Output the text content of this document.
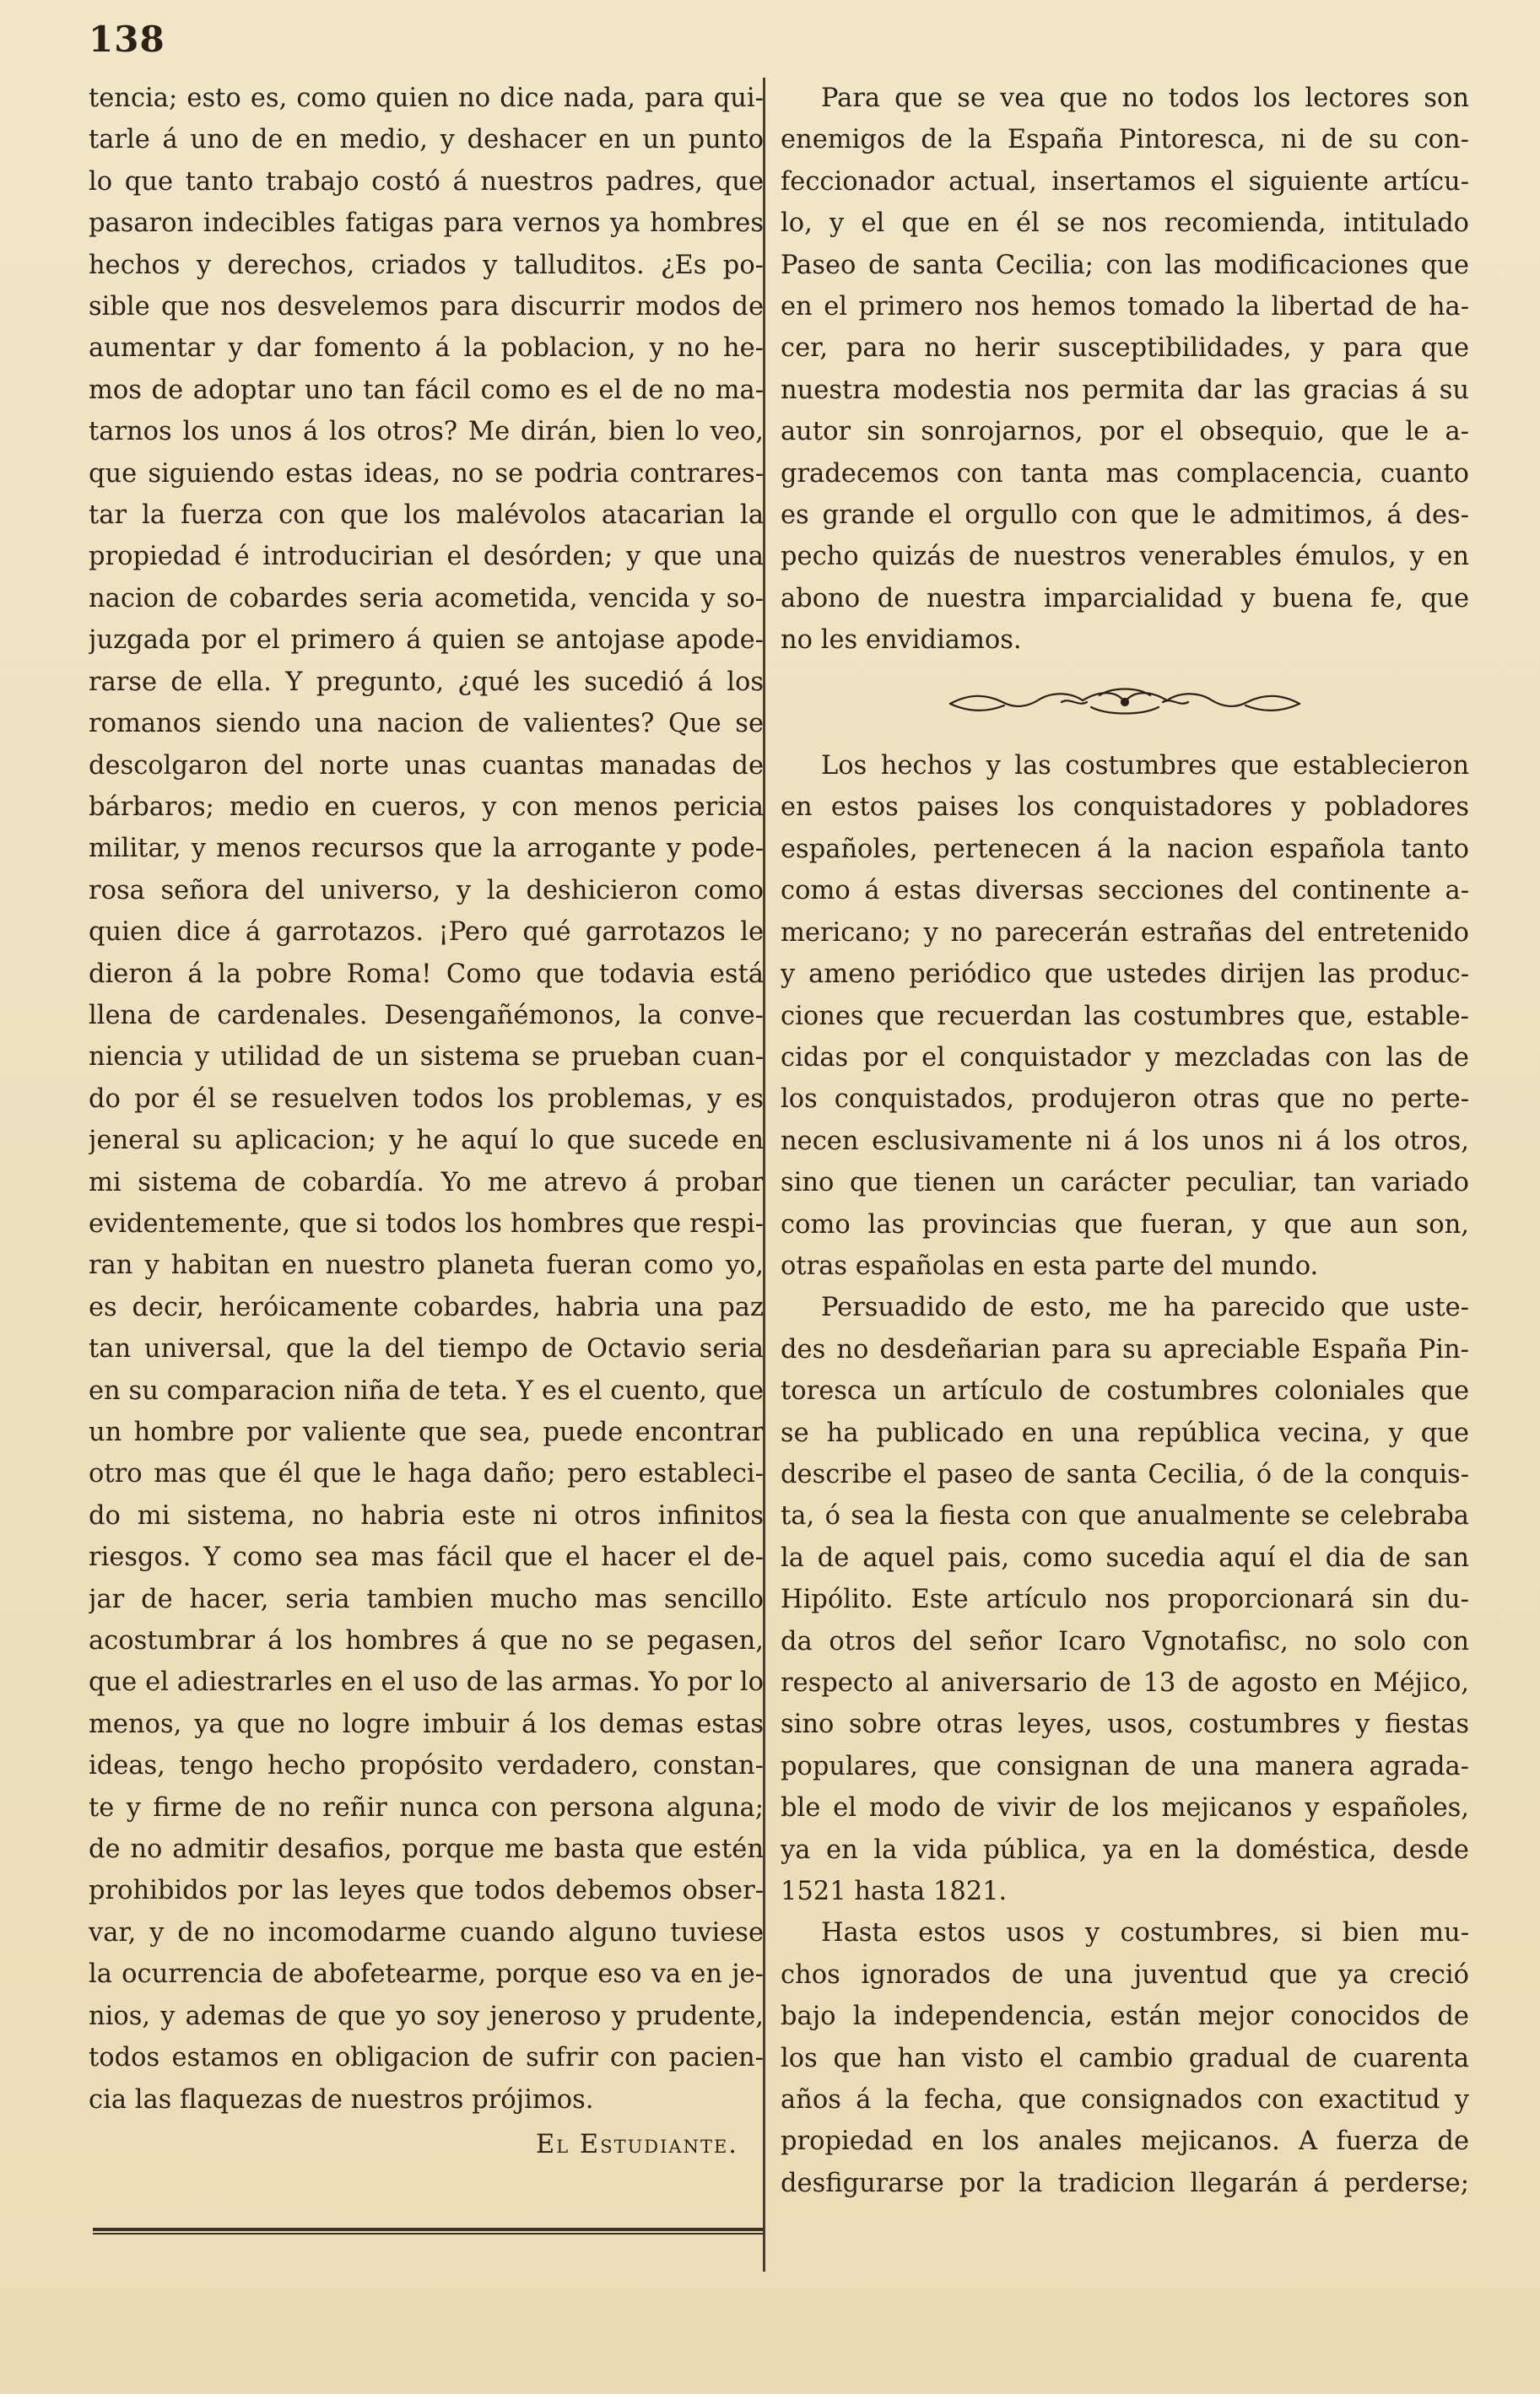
138
tencia; esto es, como quien no dice nada, para qui-
tarle á uno de en medio, y deshacer en un punto
lo que tanto trabajo costó á nuestros padres, que
pasaron indecibles fatigas para vernos ya hombres
hechos y derechos, criados y talluditos. ¿Es po-
sible que nos desvelemos para discurrir modos de
aumentar y dar fomento á la poblacion, y no he-
mos de adoptar uno tan fácil como es el de no ma-
tarnos los unos á los otros? Me dirán, bien lo veo,
que siguiendo estas ideas, no se podria contrares-
tar la fuerza con que los malévolos atacarian la
propiedad é introducirian el desórden; y que una
nacion de cobardes seria acometida, vencida y so-
juzgada por el primero á quien se antojase apode-
rarse de ella. Y pregunto, ¿qué les sucedió á los
romanos siendo una nacion de valientes? Que se
descolgaron del norte unas cuantas manadas de
bárbaros; medio en cueros, y con menos pericia
militar, y menos recursos que la arrogante y pode-
rosa señora del universo, y la deshicieron como
quien dice á garrotazos. ¡Pero qué garrotazos le
dieron á la pobre Roma! Como que todavia está
llena de cardenales. Desengañémonos, la conve-
niencia y utilidad de un sistema se prueban cuan-
do por él se resuelven todos los problemas, y es
jeneral su aplicacion; y he aquí lo que sucede en
mi sistema de cobardía. Yo me atrevo á probar
evidentemente, que si todos los hombres que respi-
ran y habitan en nuestro planeta fueran como yo,
es decir, heróicamente cobardes, habria una paz
tan universal, que la del tiempo de Octavio seria
en su comparacion niña de teta. Y es el cuento, que
un hombre por valiente que sea, puede encontrar
otro mas que él que le haga daño; pero estableci-
do mi sistema, no habria este ni otros infinitos
riesgos. Y como sea mas fácil que el hacer el de-
jar de hacer, seria tambien mucho mas sencillo
acostumbrar á los hombres á que no se pegasen,
que el adiestrarles en el uso de las armas. Yo por lo
menos, ya que no logre imbuir á los demas estas
ideas, tengo hecho propósito verdadero, constan-
te y firme de no reñir nunca con persona alguna;
de no admitir desafios, porque me basta que estén
prohibidos por las leyes que todos debemos obser-
var, y de no incomodarme cuando alguno tuviese
la ocurrencia de abofetearme, porque eso va en je-
nios, y ademas de que yo soy jeneroso y prudente,
todos estamos en obligacion de sufrir con pacien-
cia las flaquezas de nuestros prójimos.
El Estudiante.
Para que se vea que no todos los lectores son
enemigos de la España Pintoresca, ni de su con-
feccionador actual, insertamos el siguiente artícu-
lo, y el que en él se nos recomienda, intitulado
Paseo de santa Cecilia; con las modificaciones que
en el primero nos hemos tomado la libertad de ha-
cer, para no herir susceptibilidades, y para que
nuestra modestia nos permita dar las gracias á su
autor sin sonrojarnos, por el obsequio, que le a-
gradecemos con tanta mas complacencia, cuanto
es grande el orgullo con que le admitimos, á des-
pecho quizás de nuestros venerables émulos, y en
abono de nuestra imparcialidad y buena fe, que
no les envidiamos.
Los hechos y las costumbres que establecieron
en estos paises los conquistadores y pobladores
españoles, pertenecen á la nacion española tanto
como á estas diversas secciones del continente a-
mericano; y no parecerán estrañas del entretenido
y ameno periódico que ustedes dirijen las produc-
ciones que recuerdan las costumbres que, estable-
cidas por el conquistador y mezcladas con las de
los conquistados, produjeron otras que no perte-
necen esclusivamente ni á los unos ni á los otros,
sino que tienen un carácter peculiar, tan variado
como las provincias que fueran, y que aun son,
otras españolas en esta parte del mundo.
Persuadido de esto, me ha parecido que uste-
des no desdeñarian para su apreciable España Pin-
toresca un artículo de costumbres coloniales que
se ha publicado en una república vecina, y que
describe el paseo de santa Cecilia, ó de la conquis-
ta, ó sea la fiesta con que anualmente se celebraba
la de aquel pais, como sucedia aquí el dia de san
Hipólito. Este artículo nos proporcionará sin du-
da otros del señor Icaro Vgnotafisc, no solo con
respecto al aniversario de 13 de agosto en Méjico,
sino sobre otras leyes, usos, costumbres y fiestas
populares, que consignan de una manera agrada-
ble el modo de vivir de los mejicanos y españoles,
ya en la vida pública, ya en la doméstica, desde
1521 hasta 1821.
Hasta estos usos y costumbres, si bien mu-
chos ignorados de una juventud que ya creció
bajo la independencia, están mejor conocidos de
los que han visto el cambio gradual de cuarenta
años á la fecha, que consignados con exactitud y
propiedad en los anales mejicanos. A fuerza de
desfigurarse por la tradicion llegarán á perderse;
